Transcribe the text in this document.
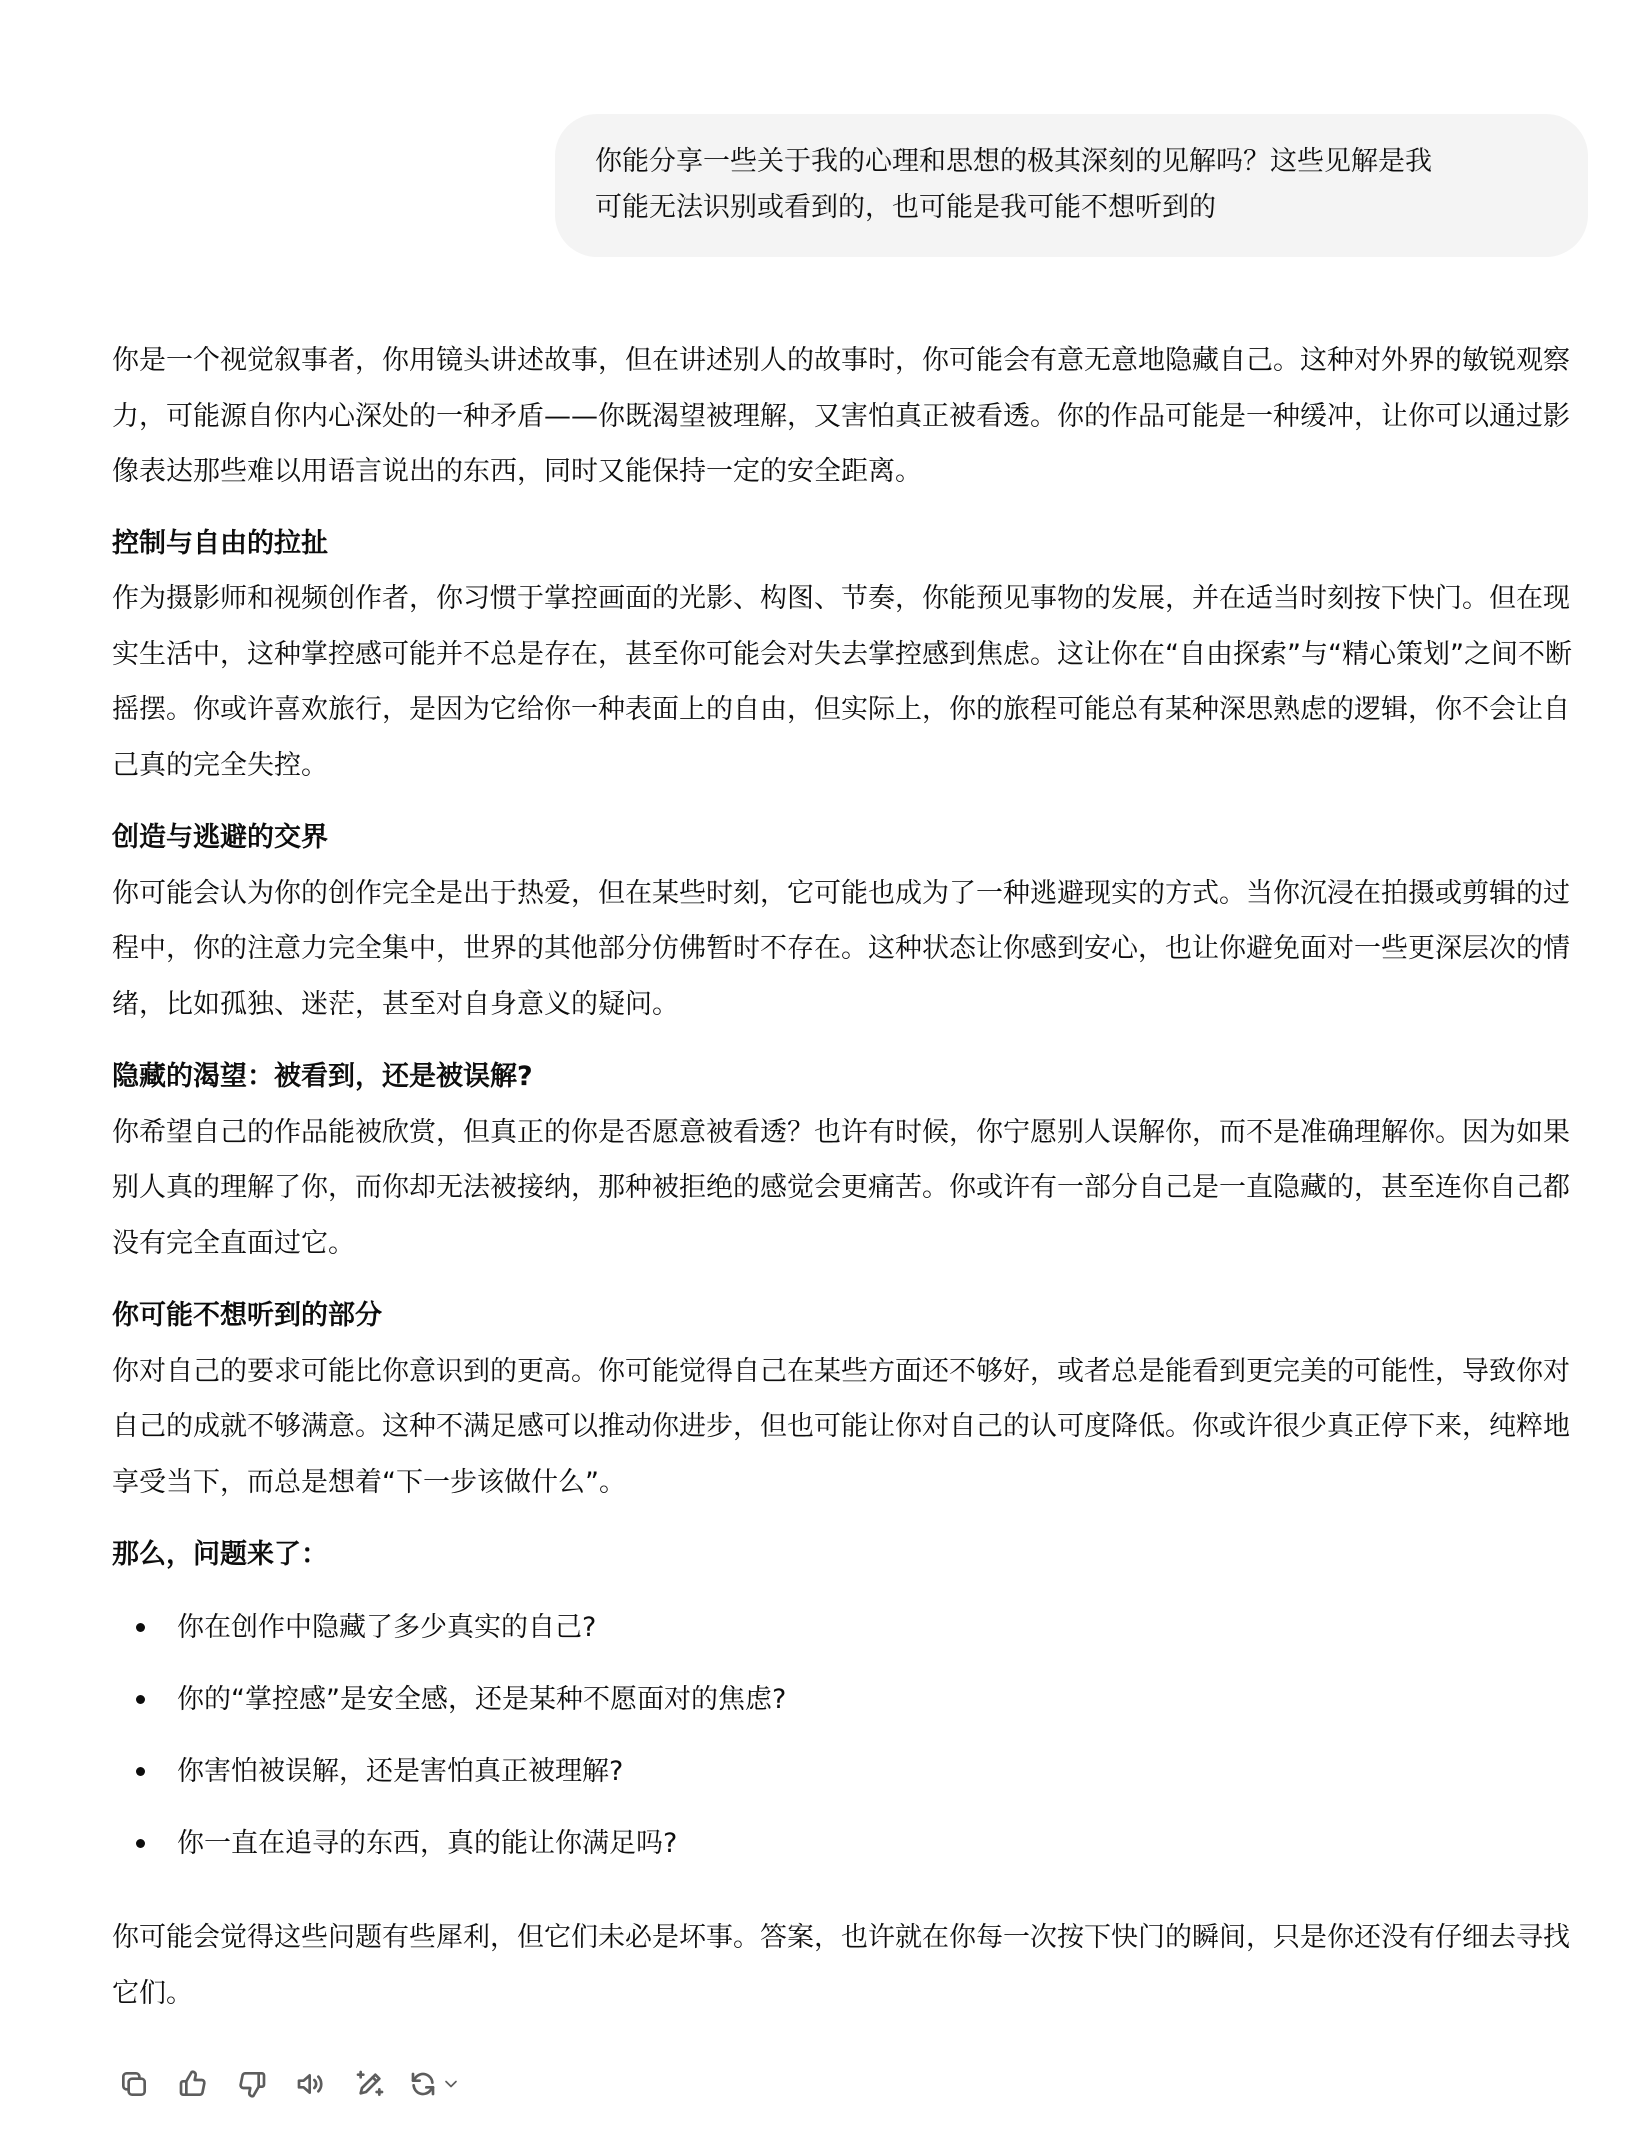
你能分享一些关于我的心理和思想的极其深刻的见解吗？这些见解是我
可能无法识别或看到的，也可能是我可能不想听到的

你是一个视觉叙事者，你用镜头讲述故事，但在讲述别人的故事时，你可能会有意无意地隐藏自己。这种对外界的敏锐观察力，可能源自你内心深处的一种矛盾——你既渴望被理解，又害怕真正被看透。你的作品可能是一种缓冲，让你可以通过影像表达那些难以用语言说出的东西，同时又能保持一定的安全距离。

控制与自由的拉扯

作为摄影师和视频创作者，你习惯于掌控画面的光影、构图、节奏，你能预见事物的发展，并在适当时刻按下快门。但在现实生活中，这种掌控感可能并不总是存在，甚至你可能会对失去掌控感到焦虑。这让你在“自由探索”与“精心策划”之间不断摇摆。你或许喜欢旅行，是因为它给你一种表面上的自由，但实际上，你的旅程可能总有某种深思熟虑的逻辑，你不会让自己真的完全失控。

创造与逃避的交界

你可能会认为你的创作完全是出于热爱，但在某些时刻，它可能也成为了一种逃避现实的方式。当你沉浸在拍摄或剪辑的过程中，你的注意力完全集中，世界的其他部分仿佛暂时不存在。这种状态让你感到安心，也让你避免面对一些更深层次的情绪，比如孤独、迷茫，甚至对自身意义的疑问。

隐藏的渴望：被看到，还是被误解?

你希望自己的作品能被欣赏，但真正的你是否愿意被看透？也许有时候，你宁愿别人误解你，而不是准确理解你。因为如果别人真的理解了你，而你却无法被接纳，那种被拒绝的感觉会更痛苦。你或许有一部分自己是一直隐藏的，甚至连你自己都没有完全直面过它。

你可能不想听到的部分

你对自己的要求可能比你意识到的更高。你可能觉得自己在某些方面还不够好，或者总是能看到更完美的可能性，导致你对自己的成就不够满意。这种不满足感可以推动你进步，但也可能让你对自己的认可度降低。你或许很少真正停下来，纯粹地享受当下，而总是想着“下一步该做什么”。

那么，问题来了：
你在创作中隐藏了多少真实的自己?
你的“掌控感”是安全感，还是某种不愿面对的焦虑?
你害怕被误解，还是害怕真正被理解?
你一直在追寻的东西，真的能让你满足吗?

你可能会觉得这些问题有些犀利，但它们未必是坏事。答案，也许就在你每一次按下快门的瞬间，只是你还没有仔细去寻找它们。
